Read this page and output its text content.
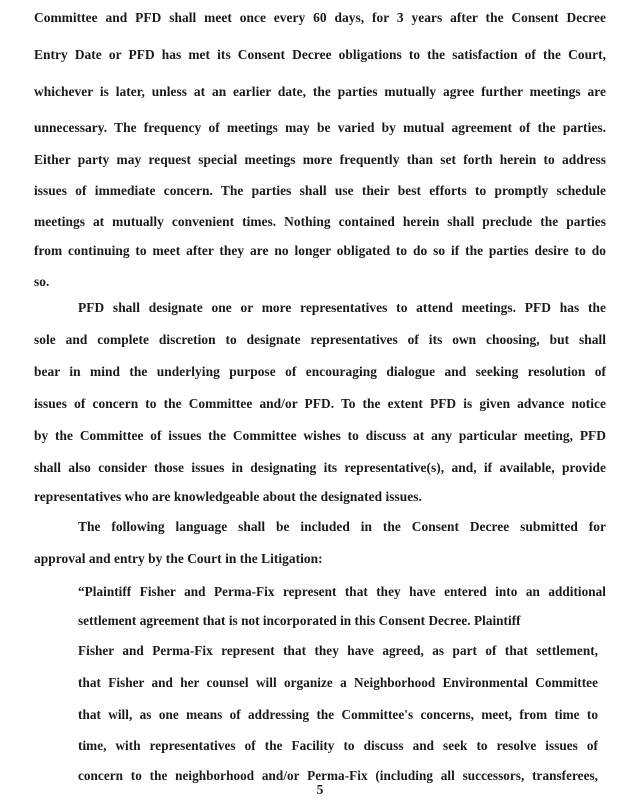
Committee and PFD shall meet once every 60 days, for 3 years after the Consent Decree
Entry Date or PFD has met its Consent Decree obligations to the satisfaction of the Court,
whichever is later, unless at an earlier date, the parties mutually agree further meetings are
unnecessary. The frequency of meetings may be varied by mutual agreement of the parties.
Either party may request special meetings more frequently than set forth herein to address
issues of immediate concern. The parties shall use their best efforts to promptly schedule
meetings at mutually convenient times. Nothing contained herein shall preclude the parties
from continuing to meet after they are no longer obligated to do so if the parties desire to do
so.
PFD shall designate one or more representatives to attend meetings. PFD has the
sole and complete discretion to designate representatives of its own choosing, but shall
bear in mind the underlying purpose of encouraging dialogue and seeking resolution of
issues of concern to the Committee and/or PFD. To the extent PFD is given advance notice
by the Committee of issues the Committee wishes to discuss at any particular meeting, PFD
shall also consider those issues in designating its representative(s), and, if available, provide
representatives who are knowledgeable about the designated issues.
The following language shall be included in the Consent Decree submitted for
approval and entry by the Court in the Litigation:
“Plaintiff Fisher and Perma-Fix represent that they have entered into an additional
settlement agreement that is not incorporated in this Consent Decree. Plaintiff
Fisher and Perma-Fix represent that they have agreed, as part of that settlement,
that Fisher and her counsel will organize a Neighborhood Environmental Committee
that will, as one means of addressing the Committee's concerns, meet, from time to
time, with representatives of the Facility to discuss and seek to resolve issues of
concern to the neighborhood and/or Perma-Fix (including all successors, transferees,
5
